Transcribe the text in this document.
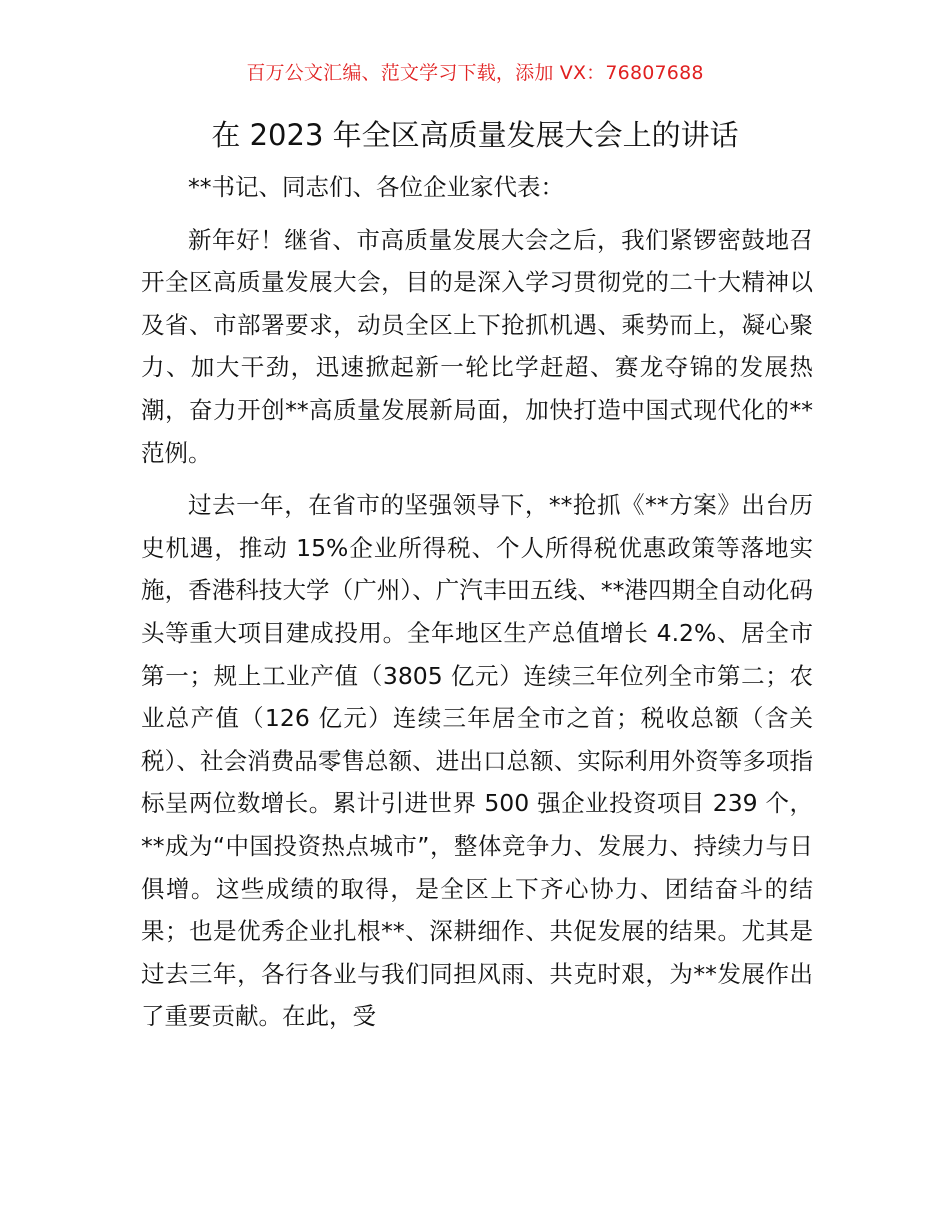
百万公文汇编、范文学习下载，添加 VX：76807688
在 2023 年全区高质量发展大会上的讲话

**书记、同志们、各位企业家代表：

新年好！继省、市高质量发展大会之后，我们紧锣密鼓地召开全区高质量发展大会，目的是深入学习贯彻党的二十大精神以及省、市部署要求，动员全区上下抢抓机遇、乘势而上，凝心聚力、加大干劲，迅速掀起新一轮比学赶超、赛龙夺锦的发展热潮，奋力开创**高质量发展新局面，加快打造中国式现代化的**范例。

过去一年，在省市的坚强领导下，**抢抓《**方案》出台历史机遇，推动 15%企业所得税、个人所得税优惠政策等落地实施，香港科技大学（广州）、广汽丰田五线、**港四期全自动化码头等重大项目建成投用。全年地区生产总值增长 4.2%、居全市第一；规上工业产值（3805 亿元）连续三年位列全市第二；农业总产值（126 亿元）连续三年居全市之首；税收总额（含关税）、社会消费品零售总额、进出口总额、实际利用外资等多项指标呈两位数增长。累计引进世界 500 强企业投资项目 239 个，**成为“中国投资热点城市”，整体竞争力、发展力、持续力与日俱增。这些成绩的取得，是全区上下齐心协力、团结奋斗的结果；也是优秀企业扎根**、深耕细作、共促发展的结果。尤其是过去三年，各行各业与我们同担风雨、共克时艰，为**发展作出了重要贡献。在此，受
